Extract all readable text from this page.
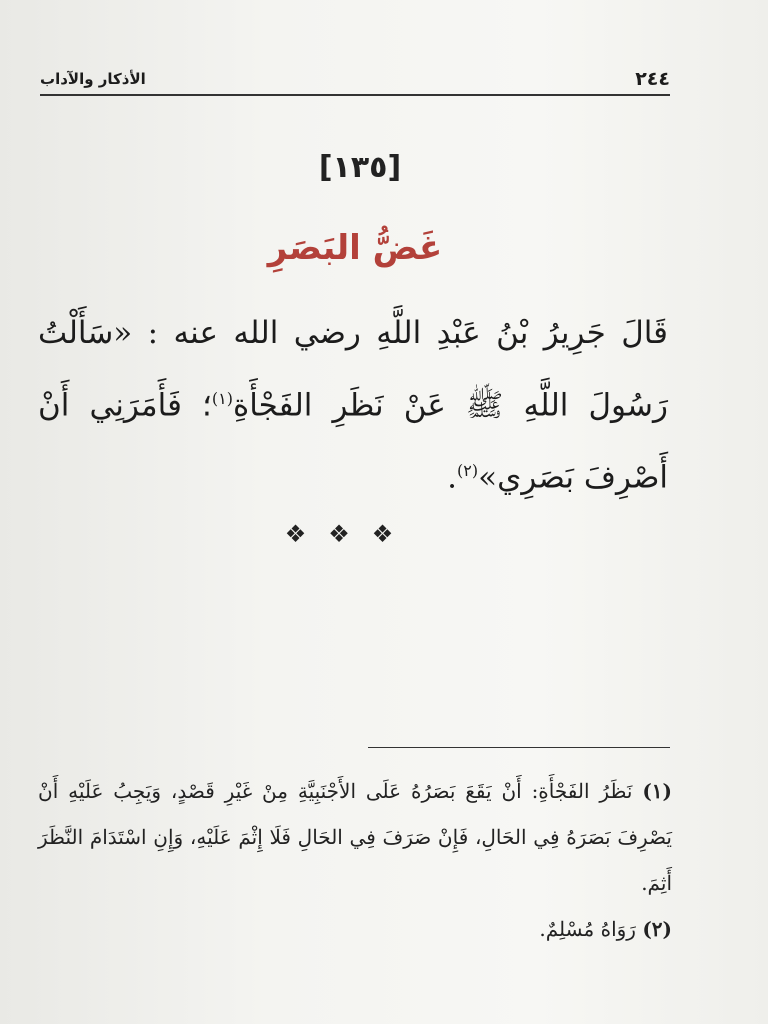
٢٤٤
الأذكار والآداب
[١٣٥]
غَضُّ البَصَرِ
قَالَ جَرِيرُ بْنُ عَبْدِ اللَّهِ رضي الله عنه : «سَأَلْتُ رَسُولَ اللَّهِ ﷺ عَنْ نَظَرِ الفَجْأَةِ$^{(١)}$؛ فَأَمَرَنِي أَنْ أَصْرِفَ بَصَرِي»$^{(٢)}$.
❖❖❖

(١) نَظَرُ الفَجْأَةِ: أَنْ يَقَعَ بَصَرُهُ عَلَى الأَجْنَبِيَّةِ مِنْ غَيْرِ قَصْدٍ، وَيَجِبُ عَلَيْهِ أَنْ يَصْرِفَ بَصَرَهُ فِي الحَالِ، فَإِنْ صَرَفَ فِي الحَالِ فَلَا إِثْمَ عَلَيْهِ، وَإِنِ اسْتَدَامَ النَّظَرَ أَثِمَ.

(٢) رَوَاهُ مُسْلِمٌ.
